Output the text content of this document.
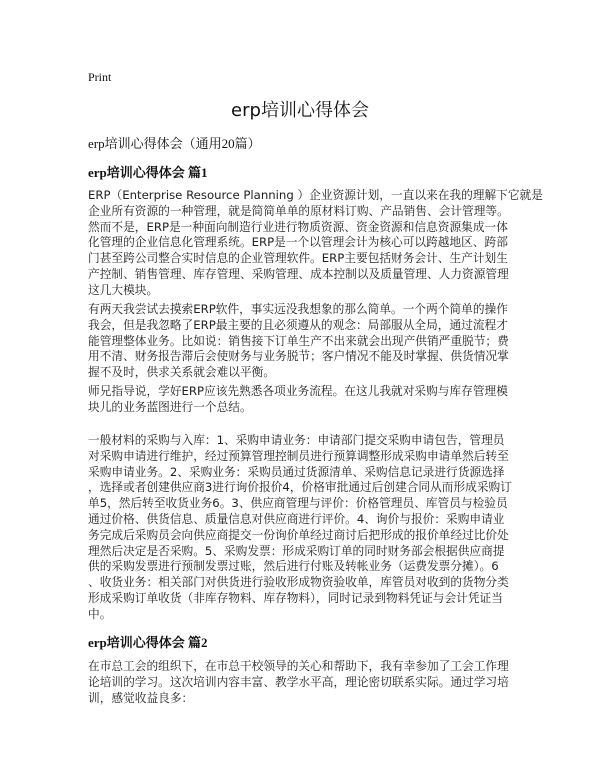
Print
erp培训心得体会
erp培训心得体会（通用20篇）
erp培训心得体会 篇1
ERP（Enterprise Resource Planning ）企业资源计划，一直以来在我的理解下它就是
企业所有资源的一种管理，就是简简单单的原材料订购、产品销售、会计管理等。
然而不是，ERP是一种面向制造行业进行物质资源、资金资源和信息资源集成一体
化管理的企业信息化管理系统。ERP是一个以管理会计为核心可以跨越地区、跨部
门甚至跨公司整合实时信息的企业管理软件。ERP主要包括财务会计、生产计划生
产控制、销售管理、库存管理、采购管理、成本控制以及质量管理、人力资源管理
这几大模块。
有两天我尝试去摸索ERP软件，事实远没我想象的那么简单。一个两个简单的操作
我会，但是我忽略了ERP最主要的且必须遵从的观念：局部服从全局，通过流程才
能管理整体业务。比如说：销售接下订单生产不出来就会出现产供销严重脱节；费
用不清、财务报告滞后会使财务与业务脱节；客户情况不能及时掌握、供货情况掌
握不及时，供求关系就会难以平衡。
师兄指导说，学好ERP应该先熟悉各项业务流程。在这儿我就对采购与库存管理模
块儿的业务蓝图进行一个总结。
一般材料的采购与入库：1、采购申请业务：申请部门提交采购申请包告，管理员
对采购申请进行维护，经过预算管理控制员进行预算调整形成采购申请单然后转至
采购申请业务。2、采购业务：采购员通过货源清单、采购信息记录进行货源选择
，选择或者创建供应商3进行询价报价4，价格审批通过后创建合同从而形成采购订
单5，然后转至收货业务6。3、供应商管理与评价：价格管理员、库管员与检验员
通过价格、供货信息、质量信息对供应商进行评价。4、询价与报价：采购申请业
务完成后采购员会向供应商提交一份询价单经过商讨后把形成的报价单经过比价处
理然后决定是否采购。5、采购发票：形成采购订单的同时财务部会根据供应商提
供的采购发票进行预制发票过账，然后进行付账及转帐业务（运费发票分摊）。6
、收货业务：相关部门对供货进行验收形成物资验收单，库管员对收到的货物分类
形成采购订单收货（非库存物料、库存物料），同时记录到物料凭证与会计凭证当
中。
erp培训心得体会 篇2
在市总工会的组织下，在市总干校领导的关心和帮助下，我有幸参加了工会工作理
论培训的学习。这次培训内容丰富、教学水平高，理论密切联系实际。通过学习培
训，感觉收益良多：
